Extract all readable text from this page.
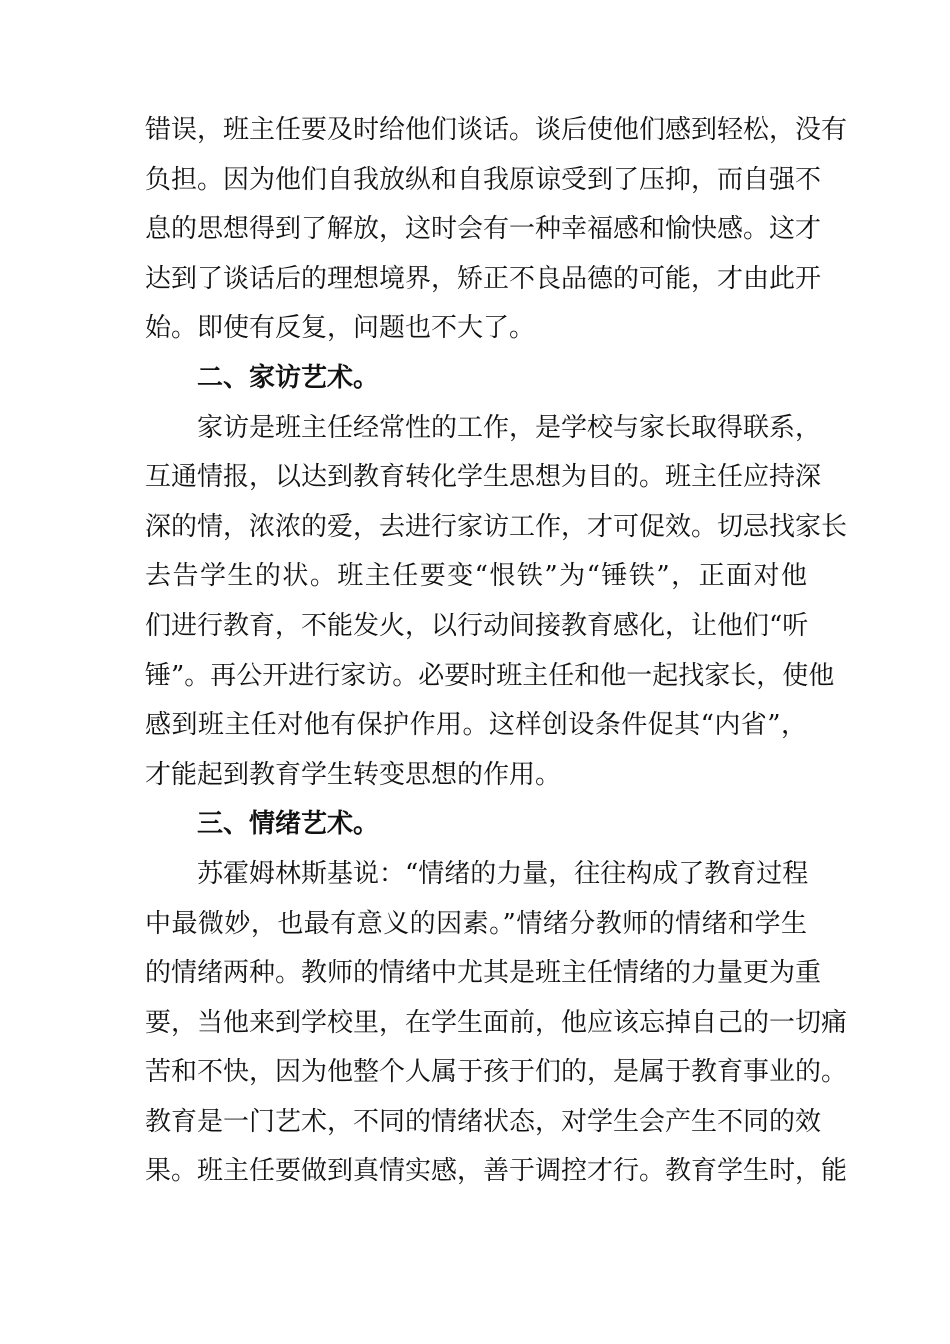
错误，班主任要及时给他们谈话。谈后使他们感到轻松，没有
负担。因为他们自我放纵和自我原谅受到了压抑，而自强不
息的思想得到了解放，这时会有一种幸福感和愉快感。这才
达到了谈话后的理想境界，矫正不良品德的可能，才由此开
始。即使有反复，问题也不大了。
二、家访艺术。
家访是班主任经常性的工作，是学校与家长取得联系，
互通情报，以达到教育转化学生思想为目的。班主任应持深
深的情，浓浓的爱，去进行家访工作，才可促效。切忌找家长
去告学生的状。班主任要变“恨铁”为“锤铁”，正面对他
们进行教育，不能发火，以行动间接教育感化，让他们“听
锤”。再公开进行家访。必要时班主任和他一起找家长，使他
感到班主任对他有保护作用。这样创设条件促其“内省”，
才能起到教育学生转变思想的作用。
三、情绪艺术。
苏霍姆林斯基说：“情绪的力量，往往构成了教育过程
中最微妙，也最有意义的因素。”情绪分教师的情绪和学生
的情绪两种。教师的情绪中尤其是班主任情绪的力量更为重
要，当他来到学校里，在学生面前，他应该忘掉自己的一切痛
苦和不快，因为他整个人属于孩于们的，是属于教育事业的。
教育是一门艺术，不同的情绪状态，对学生会产生不同的效
果。班主任要做到真情实感，善于调控才行。教育学生时，能
